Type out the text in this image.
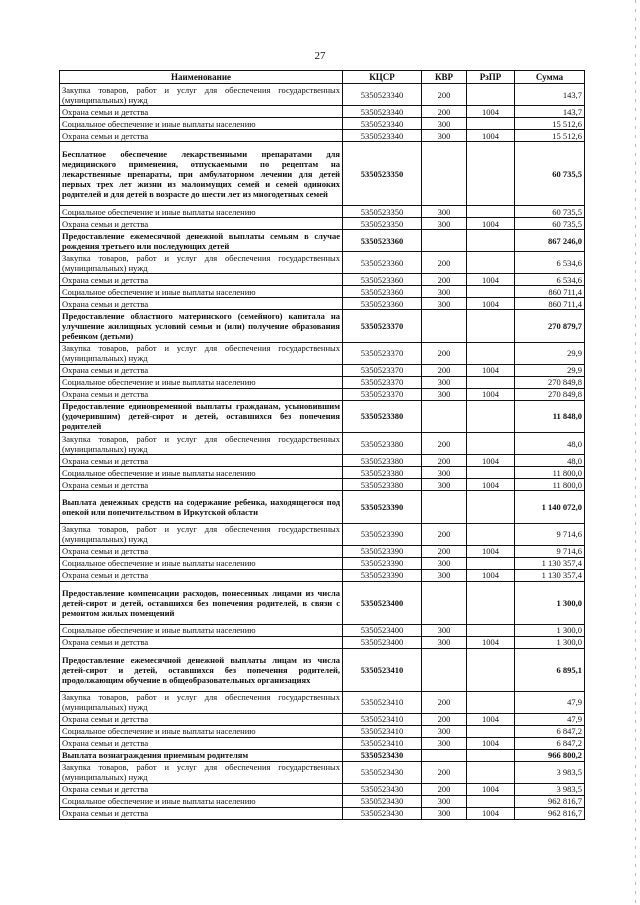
27
Наименование	КЦСР	КВР	РзПР	Сумма
Закупка товаров, работ и услуг для обеспечения государственных (муниципальных) нужд	5350523340	200		143,7
Охрана семьи и детства	5350523340	200	1004	143,7
Социальное обеспечение и иные выплаты населению	5350523340	300		15 512,6
Охрана семьи и детства	5350523340	300	1004	15 512,6
Бесплатное обеспечение лекарственными препаратами для медицинского применения, отпускаемыми по рецептам на лекарственные препараты, при амбулаторном лечении для детей первых трех лет жизни из малоимущих семей и семей одиноких родителей и для детей в возрасте до шести лет из многодетных семей	5350523350			60 735,5
Социальное обеспечение и иные выплаты населению	5350523350	300		60 735,5
Охрана семьи и детства	5350523350	300	1004	60 735,5
Предоставление ежемесячной денежной выплаты семьям в случае рождения третьего или последующих детей	5350523360			867 246,0
Закупка товаров, работ и услуг для обеспечения государственных (муниципальных) нужд	5350523360	200		6 534,6
Охрана семьи и детства	5350523360	200	1004	6 534,6
Социальное обеспечение и иные выплаты населению	5350523360	300		860 711,4
Охрана семьи и детства	5350523360	300	1004	860 711,4
Предоставление областного материнского (семейного) капитала на улучшение жилищных условий семьи и (или) получение образования ребенком (детьми)	5350523370			270 879,7
Закупка товаров, работ и услуг для обеспечения государственных (муниципальных) нужд	5350523370	200		29,9
Охрана семьи и детства	5350523370	200	1004	29,9
Социальное обеспечение и иные выплаты населению	5350523370	300		270 849,8
Охрана семьи и детства	5350523370	300	1004	270 849,8
Предоставление единовременной выплаты гражданам, усыновившим (удочерившим) детей-сирот и детей, оставшихся без попечения родителей	5350523380			11 848,0
Закупка товаров, работ и услуг для обеспечения государственных (муниципальных) нужд	5350523380	200		48,0
Охрана семьи и детства	5350523380	200	1004	48,0
Социальное обеспечение и иные выплаты населению	5350523380	300		11 800,0
Охрана семьи и детства	5350523380	300	1004	11 800,0
Выплата денежных средств на содержание ребенка, находящегося под опекой или попечительством в Иркутской области	5350523390			1 140 072,0
Закупка товаров, работ и услуг для обеспечения государственных (муниципальных) нужд	5350523390	200		9 714,6
Охрана семьи и детства	5350523390	200	1004	9 714,6
Социальное обеспечение и иные выплаты населению	5350523390	300		1 130 357,4
Охрана семьи и детства	5350523390	300	1004	1 130 357,4
Предоставление компенсации расходов, понесенных лицами из числа детей-сирот и детей, оставшихся без попечения родителей, в связи с ремонтом жилых помещений	5350523400			1 300,0
Социальное обеспечение и иные выплаты населению	5350523400	300		1 300,0
Охрана семьи и детства	5350523400	300	1004	1 300,0
Предоставление ежемесячной денежной выплаты лицам из числа детей-сирот и детей, оставшихся без попечения родителей, продолжающим обучение в общеобразовательных организациях	5350523410			6 895,1
Закупка товаров, работ и услуг для обеспечения государственных (муниципальных) нужд	5350523410	200		47,9
Охрана семьи и детства	5350523410	200	1004	47,9
Социальное обеспечение и иные выплаты населению	5350523410	300		6 847,2
Охрана семьи и детства	5350523410	300	1004	6 847,2
Выплата вознаграждения приемным родителям	5350523430			966 800,2
Закупка товаров, работ и услуг для обеспечения государственных (муниципальных) нужд	5350523430	200		3 983,5
Охрана семьи и детства	5350523430	200	1004	3 983,5
Социальное обеспечение и иные выплаты населению	5350523430	300		962 816,7
Охрана семьи и детства	5350523430	300	1004	962 816,7
